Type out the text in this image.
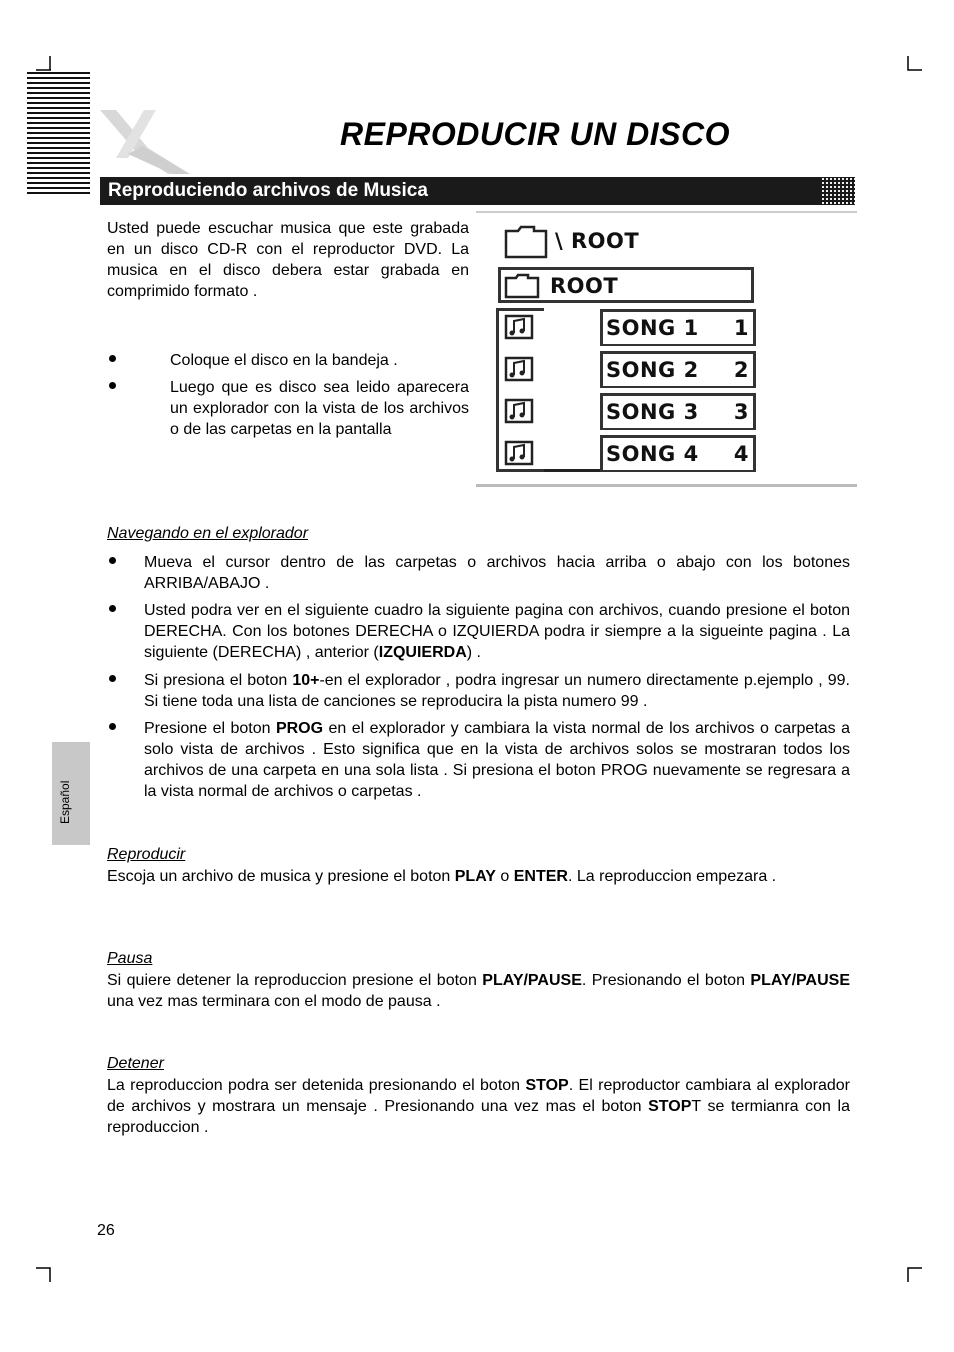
REPRODUCIR UN DISCO
Reproduciendo archivos de Musica
Usted puede escuchar musica que este grabada en un disco CD-R con el reproductor DVD. La musica en el disco debera estar grabada en comprimido formato .
Coloque el disco en la bandeja .
Luego que es disco sea leido aparecera un explorador con la vista de los archivos o de las carpetas en la pantalla
\ ROOT
ROOT
SONG 1 1
SONG 2 2
SONG 3 3
SONG 4 4
Navegando en el explorador
Mueva el cursor dentro de las carpetas o archivos hacia arriba o abajo con los botones ARRIBA/ABAJO .
Usted podra ver en el siguiente cuadro la siguiente pagina con archivos, cuando presione el boton DERECHA. Con los botones DERECHA o IZQUIERDA podra ir siempre a la sigueinte pagina . La siguiente (DERECHA) , anterior (IZQUIERDA) .
Si presiona el boton 10+-en el explorador , podra ingresar un numero directamente p.ejemplo , 99. Si tiene toda una lista de canciones se reproducira la pista numero 99 .
Presione el boton PROG en el explorador y cambiara la vista normal de los archivos o carpetas a solo vista de archivos . Esto significa que en la vista de archivos solos se mostraran todos los archivos de una carpeta en una sola lista . Si presiona el boton PROG nuevamente se regresara a la vista normal de archivos o carpetas .
Español
Reproducir
Escoja un archivo de musica y presione el boton PLAY o ENTER. La reproduccion empezara .
Pausa
Si quiere detener la reproduccion presione el boton PLAY/PAUSE. Presionando el boton PLAY/PAUSE una vez mas terminara con el modo de pausa .
Detener
La reproduccion podra ser detenida presionando el boton STOP. El reproductor cambiara al explorador de archivos y mostrara un mensaje . Presionando una vez mas el boton STOPT se termianra con la reproduccion .
26
